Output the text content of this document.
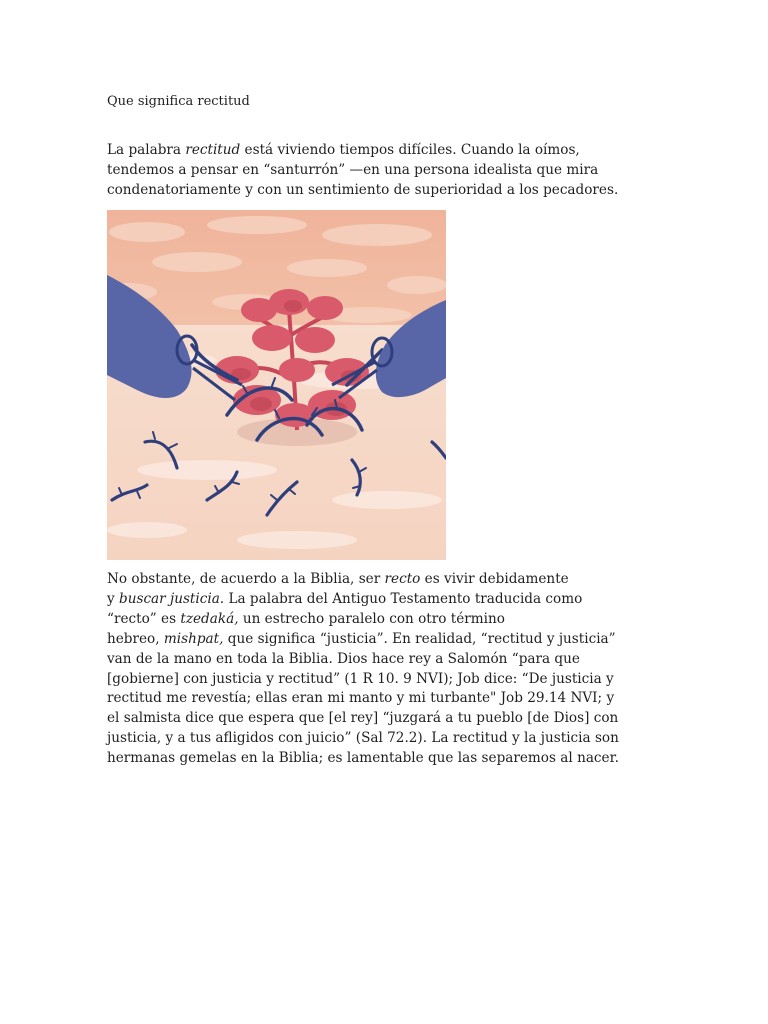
Que significa rectitud

La palabra rectitud está viviendo tiempos difíciles. Cuando la oímos,
tendemos a pensar en “santurrón” —en una persona idealista que mira
condenatoriamente y con un sentimiento de superioridad a los pecadores.

No obstante, de acuerdo a la Biblia, ser recto es vivir debidamente
y buscar justicia. La palabra del Antiguo Testamento traducida como
“recto” es tzedaká, un estrecho paralelo con otro término
hebreo, mishpat, que significa “justicia”. En realidad, “rectitud y justicia”
van de la mano en toda la Biblia. Dios hace rey a Salomón “para que
[gobierne] con justicia y rectitud” (1 R 10. 9 NVI); Job dice: “De justicia y
rectitud me revestía; ellas eran mi manto y mi turbante" Job 29.14 NVI; y
el salmista dice que espera que [el rey] “juzgará a tu pueblo [de Dios] con
justicia, y a tus afligidos con juicio” (Sal 72.2). La rectitud y la justicia son
hermanas gemelas en la Biblia; es lamentable que las separemos al nacer.
